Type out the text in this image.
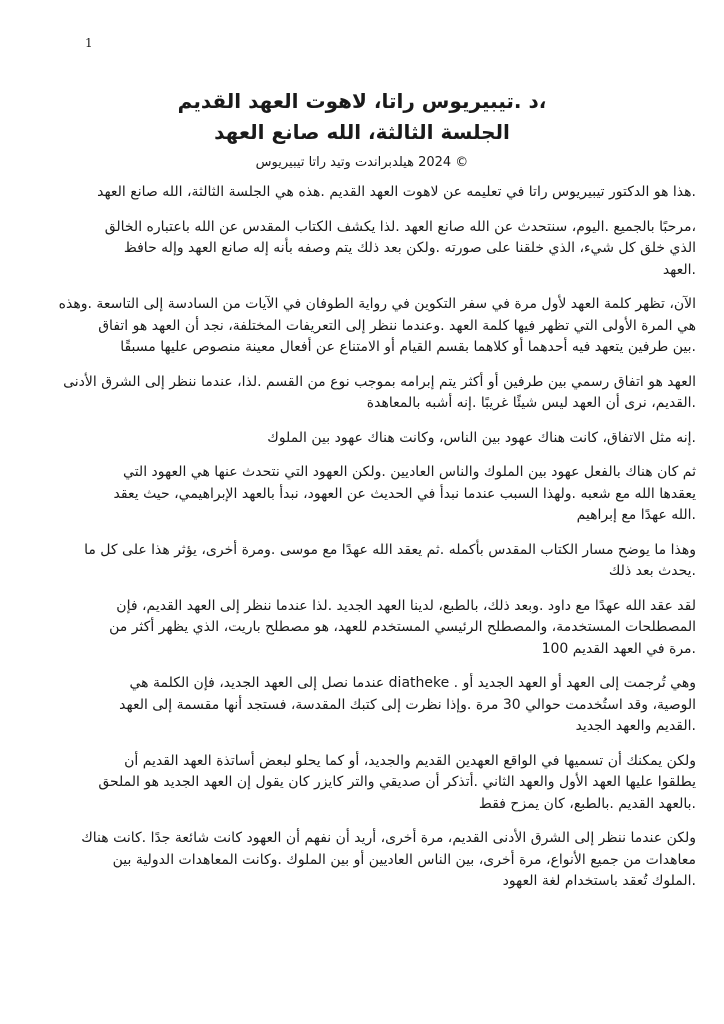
1
،د .تيبيريوس راتا، لاهوت العهد القديم
الجلسة الثالثة، الله صانع العهد
© 2024 هيلدبراندت وتيد راتا تيبيريوس
.هذا هو الدكتور تيبيريوس راتا في تعليمه عن لاهوت العهد القديم .هذه هي الجلسة الثالثة، الله صانع العهد
،مرحبًا بالجميع .اليوم، سنتحدث عن الله صانع العهد .لذا يكشف الكتاب المقدس عن الله باعتباره الخالق
الذي خلق كل شيء، الذي خلقنا على صورته .ولكن بعد ذلك يتم وصفه بأنه إله صانع العهد وإله حافظ
.العهد
الآن، تظهر كلمة العهد لأول مرة في سفر التكوين في رواية الطوفان في الآيات من السادسة إلى التاسعة .وهذه
هي المرة الأولى التي تظهر فيها كلمة العهد .وعندما ننظر إلى التعريفات المختلفة، نجد أن العهد هو اتفاق
.بين طرفين يتعهد فيه أحدهما أو كلاهما بقسم القيام أو الامتناع عن أفعال معينة منصوص عليها مسبقًا
العهد هو اتفاق رسمي بين طرفين أو أكثر يتم إبرامه بموجب نوع من القسم .لذا، عندما ننظر إلى الشرق الأدنى
.القديم، نرى أن العهد ليس شيئًا غريبًا .إنه أشبه بالمعاهدة
.إنه مثل الاتفاق، كانت هناك عهود بين الناس، وكانت هناك عهود بين الملوك
ثم كان هناك بالفعل عهود بين الملوك والناس العاديين .ولكن العهود التي نتحدث عنها هي العهود التي
يعقدها الله مع شعبه .ولهذا السبب عندما نبدأ في الحديث عن العهود، نبدأ بالعهد الإبراهيمي، حيث يعقد
.الله عهدًا مع إبراهيم
وهذا ما يوضح مسار الكتاب المقدس بأكمله .ثم يعقد الله عهدًا مع موسى .ومرة أخرى، يؤثر هذا على كل ما
.يحدث بعد ذلك
لقد عقد الله عهدًا مع داود .وبعد ذلك، بالطبع، لدينا العهد الجديد .لذا عندما ننظر إلى العهد القديم، فإن
المصطلحات المستخدمة، والمصطلح الرئيسي المستخدم للعهد، هو مصطلح باريت، الذي يظهر أكثر من
.مرة في العهد القديم 100
وهي تُرجمت إلى العهد أو العهد الجديد أو . diatheke عندما نصل إلى العهد الجديد، فإن الكلمة هي
الوصية، وقد استُخدمت حوالي 30 مرة .وإذا نظرت إلى كتبك المقدسة، فستجد أنها مقسمة إلى العهد
.القديم والعهد الجديد
ولكن يمكنك أن تسميها في الواقع العهدين القديم والجديد، أو كما يحلو لبعض أساتذة العهد القديم أن
يطلقوا عليها العهد الأول والعهد الثاني .أتذكر أن صديقي والتر كايزر كان يقول إن العهد الجديد هو الملحق
.بالعهد القديم .بالطبع، كان يمزح فقط
ولكن عندما ننظر إلى الشرق الأدنى القديم، مرة أخرى، أريد أن نفهم أن العهود كانت شائعة جدًا .كانت هناك
معاهدات من جميع الأنواع، مرة أخرى، بين الناس العاديين أو بين الملوك .وكانت المعاهدات الدولية بين
.الملوك تُعقد باستخدام لغة العهود
